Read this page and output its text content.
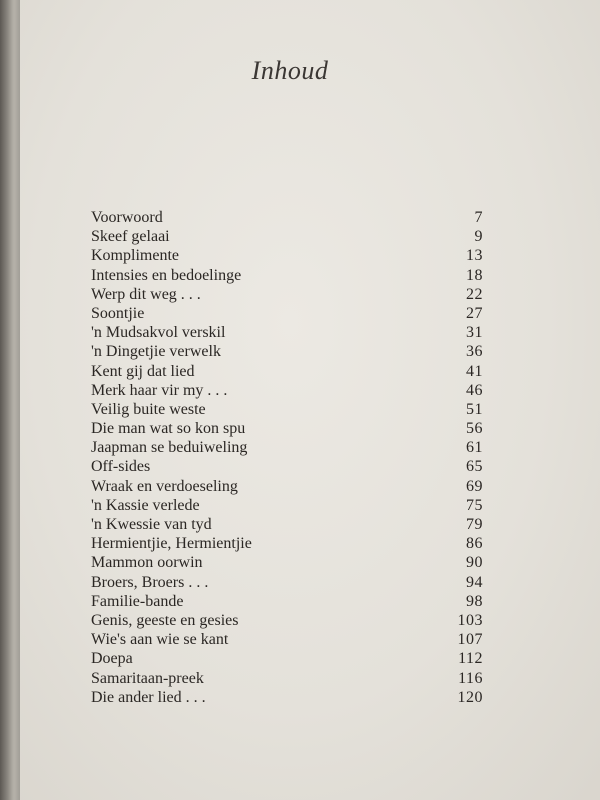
Inhoud
Voorwoord	7
Skeef gelaai	9
Komplimente	13
Intensies en bedoelinge	18
Werp dit weg . . .	22
Soontjie	27
'n Mudsakvol verskil	31
'n Dingetjie verwelk	36
Kent gij dat lied	41
Merk haar vir my . . .	46
Veilig buite weste	51
Die man wat so kon spu	56
Jaapman se beduiweling	61
Off-sides	65
Wraak en verdoeseling	69
'n Kassie verlede	75
'n Kwessie van tyd	79
Hermientjie, Hermientjie	86
Mammon oorwin	90
Broers, Broers . . .	94
Familie-bande	98
Genis, geeste en gesies	103
Wie's aan wie se kant	107
Doepa	112
Samaritaan-preek	116
Die ander lied . . .	120
